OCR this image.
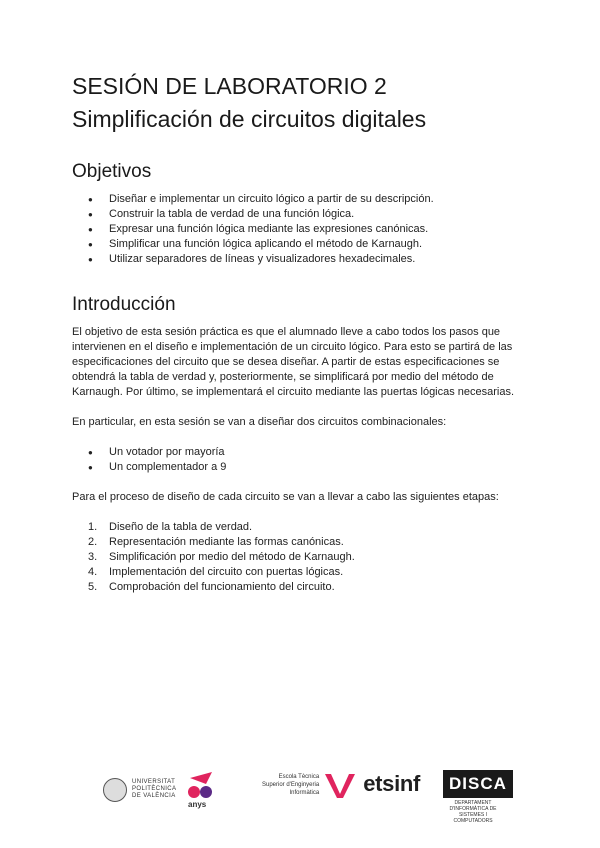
SESIÓN DE LABORATORIO 2
Simplificación de circuitos digitales
Objetivos
● Diseñar e implementar un circuito lógico a partir de su descripción.
● Construir la tabla de verdad de una función lógica.
● Expresar una función lógica mediante las expresiones canónicas.
● Simplificar una función lógica aplicando el método de Karnaugh.
● Utilizar separadores de líneas y visualizadores hexadecimales.
Introducción

El objetivo de esta sesión práctica es que el alumnado lleve a cabo todos los pasos que
intervienen en el diseño e implementación de un circuito lógico. Para esto se partirá de las
especificaciones del circuito que se desea diseñar. A partir de estas especificaciones se
obtendrá la tabla de verdad y, posteriormente, se simplificará por medio del método de
Karnaugh. Por último, se implementará el circuito mediante las puertas lógicas necesarias.

En particular, en esta sesión se van a diseñar dos circuitos combinacionales:

● Un votador por mayoría
● Un complementador a 9

Para el proceso de diseño de cada circuito se van a llevar a cabo las siguientes etapas:

1. Diseño de la tabla de verdad.
2. Representación mediante las formas canónicas.
3. Simplificación por medio del método de Karnaugh.
4. Implementación del circuito con puertas lógicas.
5. Comprobación del funcionamiento del circuito.
UNIVERSITAT
POLITÈCNICA
DE VALÈNCIA
anys
Escola Tècnica
Superior d'Enginyeria
Informàtica etsinf	DISCA
DEPARTAMENT D'INFORMÀTICA DE SISTEMES I COMPUTADORS
